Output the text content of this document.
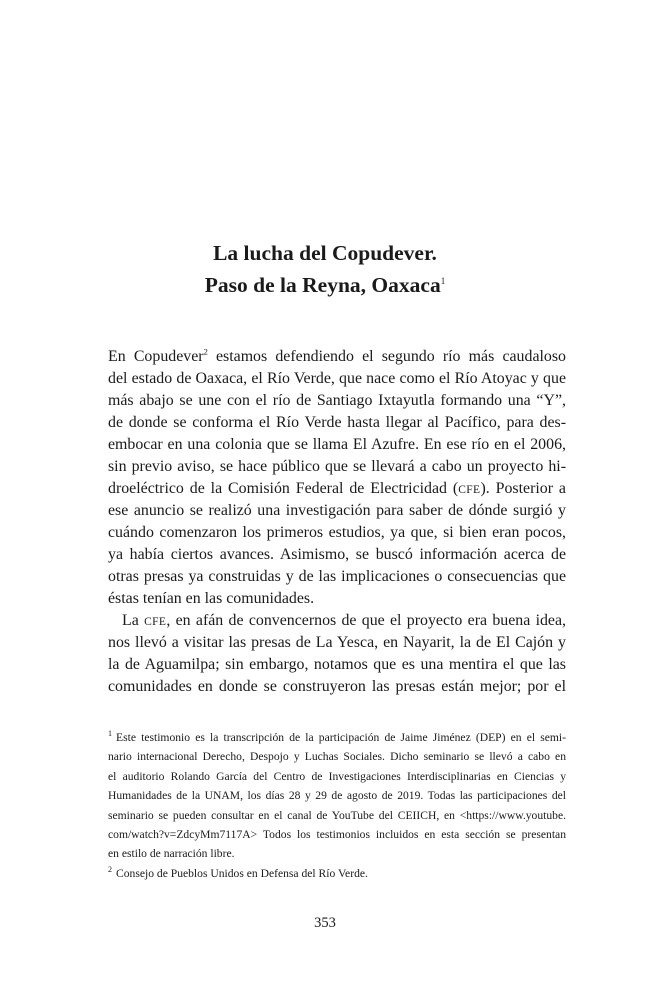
La lucha del Copudever.
Paso de la Reyna, Oaxaca$^1$
En Copudever$^2$ estamos defendiendo el segundo río más caudaloso
del estado de Oaxaca, el Río Verde, que nace como el Río Atoyac y que
más abajo se une con el río de Santiago Ixtayutla formando una “Y”,
de donde se conforma el Río Verde hasta llegar al Pacífico, para des-
embocar en una colonia que se llama El Azufre. En ese río en el 2006,
sin previo aviso, se hace público que se llevará a cabo un proyecto hi-
droeléctrico de la Comisión Federal de Electricidad (CFE). Posterior a
ese anuncio se realizó una investigación para saber de dónde surgió y
cuándo comenzaron los primeros estudios, ya que, si bien eran pocos,
ya había ciertos avances. Asimismo, se buscó información acerca de
otras presas ya construidas y de las implicaciones o consecuencias que
éstas tenían en las comunidades.
La CFE, en afán de convencernos de que el proyecto era buena idea,
nos llevó a visitar las presas de La Yesca, en Nayarit, la de El Cajón y
la de Aguamilpa; sin embargo, notamos que es una mentira el que las
comunidades en donde se construyeron las presas están mejor; por el
$^1$ Este testimonio es la transcripción de la participación de Jaime Jiménez (DEP) en el semi-
nario internacional Derecho, Despojo y Luchas Sociales. Dicho seminario se llevó a cabo en
el auditorio Rolando García del Centro de Investigaciones Interdisciplinarias en Ciencias y
Humanidades de la UNAM, los días 28 y 29 de agosto de 2019. Todas las participaciones del
seminario se pueden consultar en el canal de YouTube del CEIICH, en <https://www.youtube.
com/watch?v=ZdcyMm7117A> Todos los testimonios incluidos en esta sección se presentan
en estilo de narración libre.
$^2$ Consejo de Pueblos Unidos en Defensa del Río Verde.
353
